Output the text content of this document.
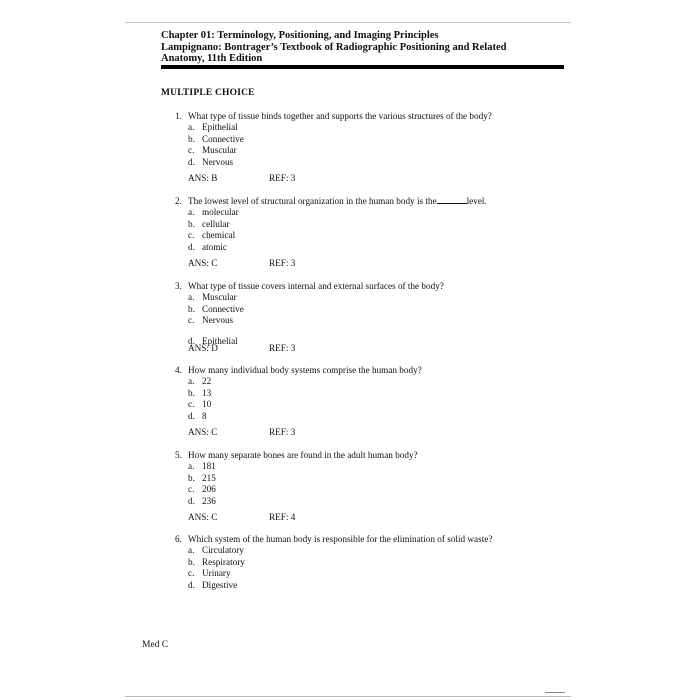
Chapter 01: Terminology, Positioning, and Imaging Principles
Lampignano: Bontrager’s Textbook of Radiographic Positioning and Related
Anatomy, 11th Edition
MULTIPLE CHOICE
1. What type of tissue binds together and supports the various structures of the body?
a. Epithelial
b. Connective
c. Muscular
d. Nervous
ANS: B	REF: 3
2. The lowest level of structural organization in the human body is the	level.
a. molecular
b. cellular
c. chemical
d. atomic
ANS: C	REF: 3
3. What type of tissue covers internal and external surfaces of the body?
a. Muscular
b. Connective
c. Nervous
d. Epithelial
ANS: D	REF: 3
4. How many individual body systems comprise the human body?
a. 22
b. 13
c. 10
d. 8
ANS: C	REF: 3
5. How many separate bones are found in the adult human body?
a. 181
b. 215
c. 206
d. 236
ANS: C	REF: 4
6. Which system of the human body is responsible for the elimination of solid waste?
a. Circulatory
b. Respiratory
c. Urinary
d. Digestive
Med C
